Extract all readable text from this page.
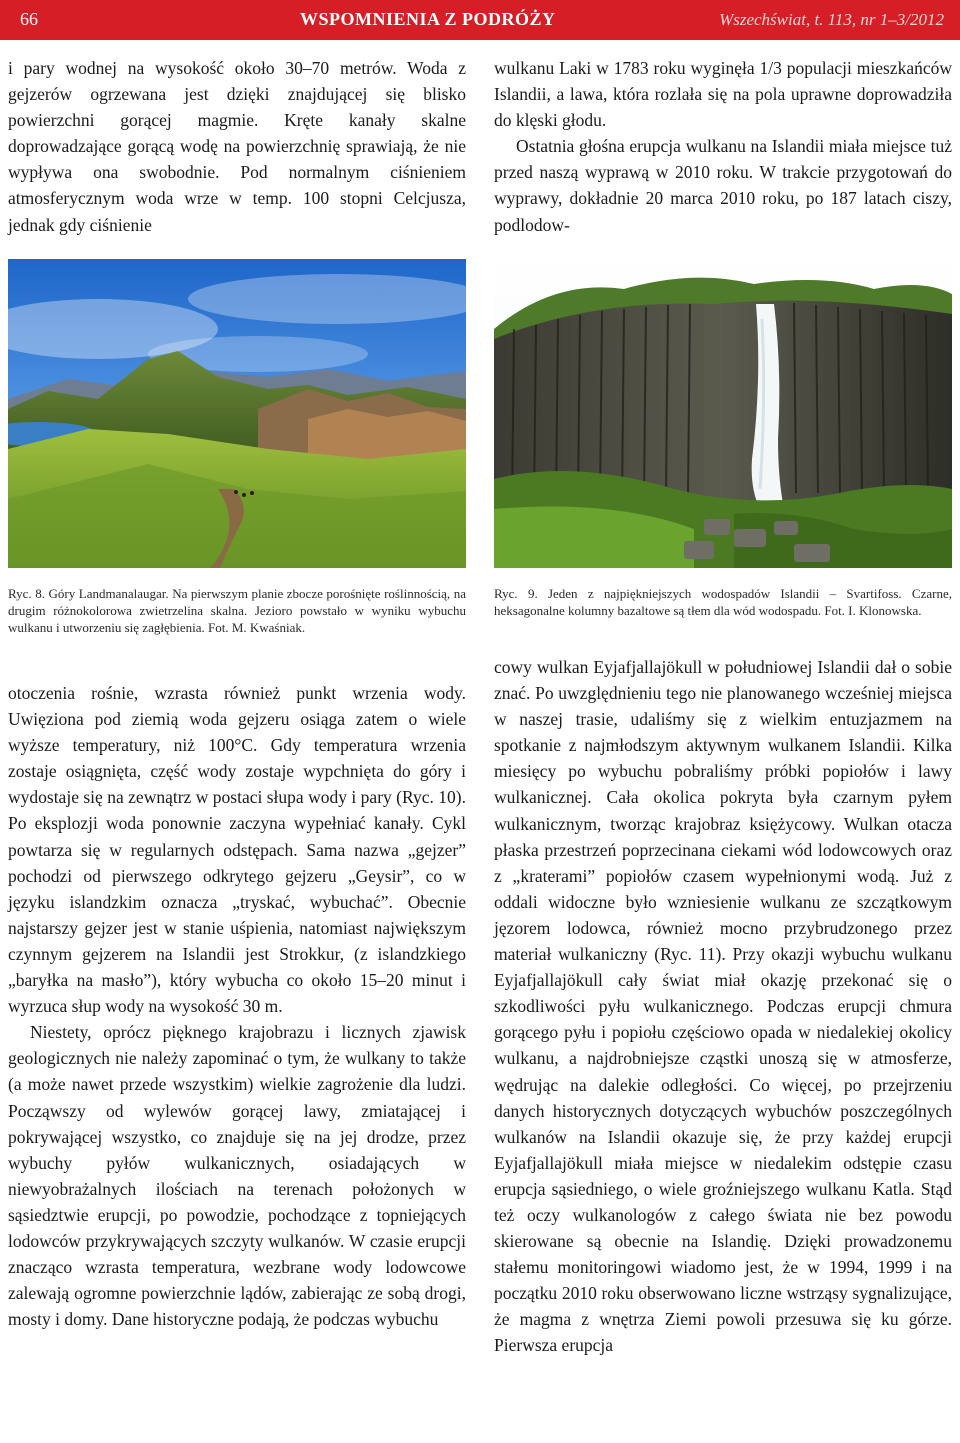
66	WSPOMNIENIA Z PODRÓŻY	Wszechświat, t. 113, nr 1–3/2012

i pary wodnej na wysokość około 30–70 metrów. Woda z gejzerów ogrzewana jest dzięki znajdującej się blisko powierzchni gorącej magmie. Kręte kanały skalne doprowadzające gorącą wodę na powierzchnię sprawiają, że nie wypływa ona swobodnie. Pod normalnym ciśnieniem atmosferycznym woda wrze w temp. 100 stopni Celcjusza, jednak gdy ciśnienie

wulkanu Laki w 1783 roku wyginęła 1/3 populacji mieszkańców Islandii, a lawa, która rozlała się na pola uprawne doprowadziła do klęski głodu.

Ostatnia głośna erupcja wulkanu na Islandii miała miejsce tuż przed naszą wyprawą w 2010 roku. W trakcie przygotowań do wyprawy, dokładnie 20 marca 2010 roku, po 187 latach ciszy, podlodow-

Ryc. 8. Góry Landmanalaugar. Na pierwszym planie zbocze porośnięte roślinnością, na drugim różnokolorowa zwietrzelina skalna. Jezioro powstało w wyniku wybuchu wulkanu i utworzeniu się zagłębienia. Fot. M. Kwaśniak.
Ryc. 9. Jeden z najpiękniejszych wodospadów Islandii – Svartifoss. Czarne, heksagonalne kolumny bazaltowe są tłem dla wód wodospadu. Fot. I. Klonowska.

otoczenia rośnie, wzrasta również punkt wrzenia wody. Uwięziona pod ziemią woda gejzeru osiąga zatem o wiele wyższe temperatury, niż 100°C. Gdy temperatura wrzenia zostaje osiągnięta, część wody zostaje wypchnięta do góry i wydostaje się na zewnątrz w postaci słupa wody i pary (Ryc. 10). Po eksplozji woda ponownie zaczyna wypełniać kanały. Cykl powtarza się w regularnych odstępach. Sama nazwa „gejzer” pochodzi od pierwszego odkrytego gejzeru „Geysir”, co w języku islandzkim oznacza „tryskać, wybuchać”. Obecnie najstarszy gejzer jest w stanie uśpienia, natomiast największym czynnym gejzerem na Islandii jest Strokkur, (z islandzkiego „baryłka na masło”), który wybucha co około 15–20 minut i wyrzuca słup wody na wysokość 30 m.

Niestety, oprócz pięknego krajobrazu i licznych zjawisk geologicznych nie należy zapominać o tym, że wulkany to także (a może nawet przede wszystkim) wielkie zagrożenie dla ludzi. Począwszy od wylewów gorącej lawy, zmiatającej i pokrywającej wszystko, co znajduje się na jej drodze, przez wybuchy pyłów wulkanicznych, osiadających w niewyobrażalnych ilościach na terenach położonych w sąsiedztwie erupcji, po powodzie, pochodzące z topniejących lodowców przykrywających szczyty wulkanów. W czasie erupcji znacząco wzrasta temperatura, wezbrane wody lodowcowe zalewają ogromne powierzchnie lądów, zabierając ze sobą drogi, mosty i domy. Dane historyczne podają, że podczas wybuchu

cowy wulkan Eyjafjallajökull w południowej Islandii dał o sobie znać. Po uwzględnieniu tego nie planowanego wcześniej miejsca w naszej trasie, udaliśmy się z wielkim entuzjazmem na spotkanie z najmłodszym aktywnym wulkanem Islandii. Kilka miesięcy po wybuchu pobraliśmy próbki popiołów i lawy wulkanicznej. Cała okolica pokryta była czarnym pyłem wulkanicznym, tworząc krajobraz księżycowy. Wulkan otacza płaska przestrzeń poprzecinana ciekami wód lodowcowych oraz z „kraterami” popiołów czasem wypełnionymi wodą. Już z oddali widoczne było wzniesienie wulkanu ze szczątkowym jęzorem lodowca, również mocno przybrudzonego przez materiał wulkaniczny (Ryc. 11). Przy okazji wybuchu wulkanu Eyjafjallajökull cały świat miał okazję przekonać się o szkodliwości pyłu wulkanicznego. Podczas erupcji chmura gorącego pyłu i popiołu częściowo opada w niedalekiej okolicy wulkanu, a najdrobniejsze cząstki unoszą się w atmosferze, wędrując na dalekie odległości. Co więcej, po przejrzeniu danych historycznych dotyczących wybuchów poszczególnych wulkanów na Islandii okazuje się, że przy każdej erupcji Eyjafjallajökull miała miejsce w niedalekim odstępie czasu erupcja sąsiedniego, o wiele groźniejszego wulkanu Katla. Stąd też oczy wulkanologów z całego świata nie bez powodu skierowane są obecnie na Islandię. Dzięki prowadzonemu stałemu monitoringowi wiadomo jest, że w 1994, 1999 i na początku 2010 roku obserwowano liczne wstrząsy sygnalizujące, że magma z wnętrza Ziemi powoli przesuwa się ku górze. Pierwsza erupcja
